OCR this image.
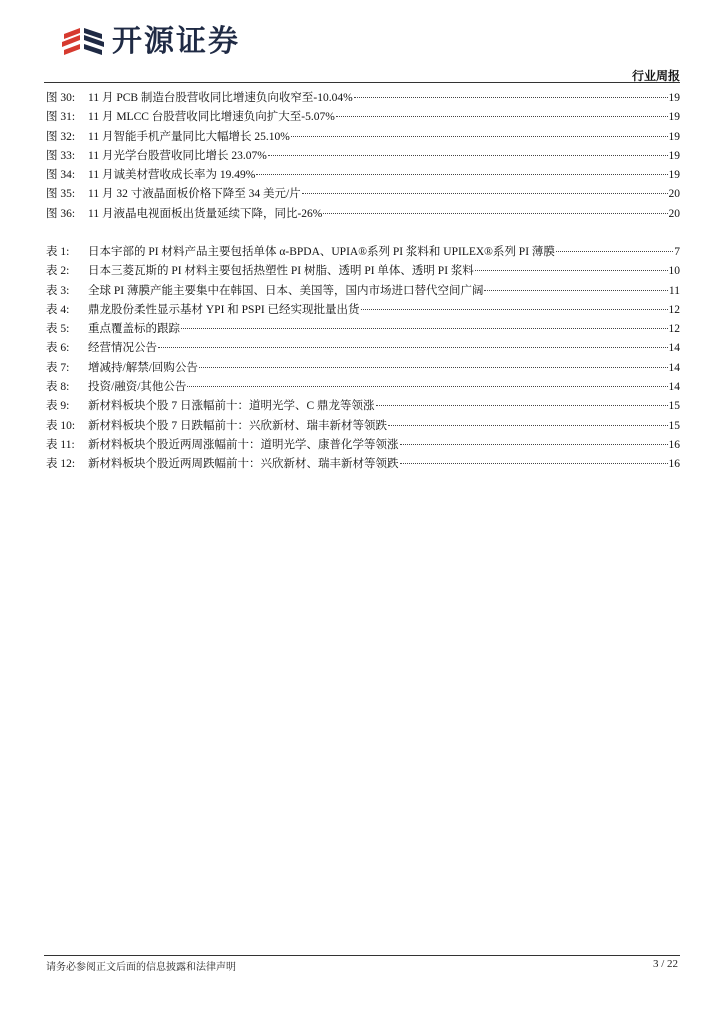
开源证券
行业周报
图 30:	11 月 PCB 制造台股营收同比增速负向收窄至-10.04%	19
图 31:	11 月 MLCC 台股营收同比增速负向扩大至-5.07%	19
图 32:	11 月智能手机产量同比大幅增长 25.10%	19
图 33:	11 月光学台股营收同比增长 23.07%	19
图 34:	11 月诚美材营收成长率为 19.49%	19
图 35:	11 月 32 寸液晶面板价格下降至 34 美元/片	20
图 36:	11 月液晶电视面板出货量延续下降，同比-26%	20
表 1:	日本宇部的 PI 材料产品主要包括单体 α-BPDA、UPIA®系列 PI 浆料和 UPILEX®系列 PI 薄膜	7
表 2:	日本三菱瓦斯的 PI 材料主要包括热塑性 PI 树脂、透明 PI 单体、透明 PI 浆料	10
表 3:	全球 PI 薄膜产能主要集中在韩国、日本、美国等，国内市场进口替代空间广阔	11
表 4:	鼎龙股份柔性显示基材 YPI 和 PSPI 已经实现批量出货	12
表 5:	重点覆盖标的跟踪	12
表 6:	经营情况公告	14
表 7:	增减持/解禁/回购公告	14
表 8:	投资/融资/其他公告	14
表 9:	新材料板块个股 7 日涨幅前十：道明光学、C 鼎龙等领涨	15
表 10:	新材料板块个股 7 日跌幅前十：兴欣新材、瑞丰新材等领跌	15
表 11:	新材料板块个股近两周涨幅前十：道明光学、康普化学等领涨	16
表 12:	新材料板块个股近两周跌幅前十：兴欣新材、瑞丰新材等领跌	16
请务必参阅正文后面的信息披露和法律声明	3 / 22
